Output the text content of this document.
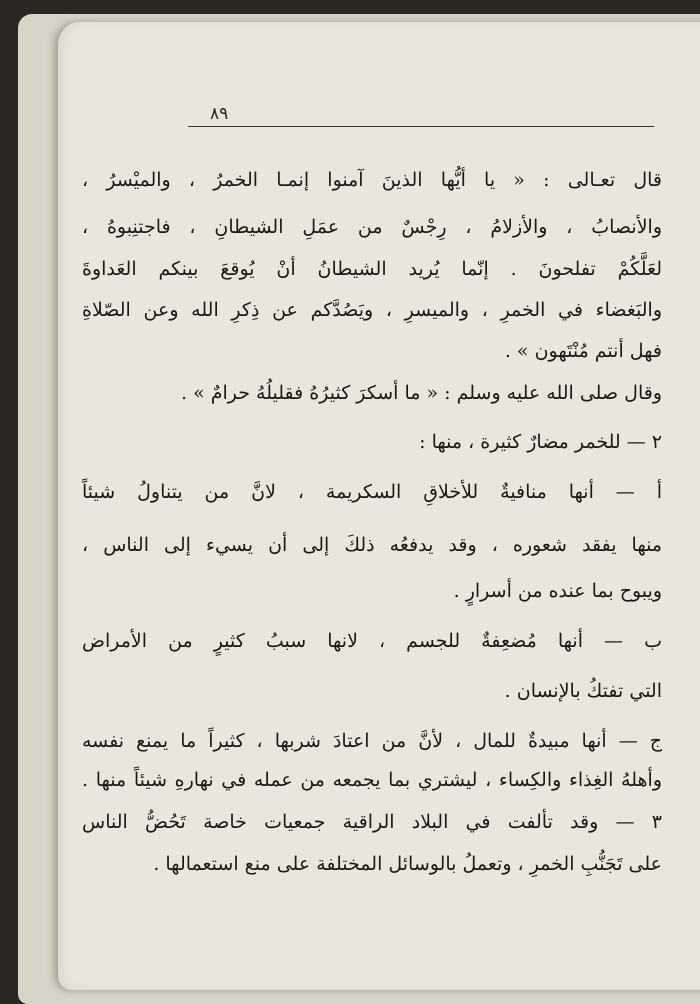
٨٩
قال تعـالى : « يا أيُّها الذينَ آمنوا إنمـا الخمرُ ، والميْسرُ ،
والأنصابُ ، والأزلامُ ، رِجْسٌ من عمَلِ الشيطانِ ، فاجتنِبوهُ ،
لعَلَّكُمْ تفلحونَ . إنّما يُريد الشيطانُ أنْ يُوقعَ بينكم العَداوةَ
والبَغضاء في الخمرِ ، والميسرِ ، ويَصُدَّكم عن ذِكرِ الله وعن الصّلاةِ
فهل أنتم مُنْتَهون » .
وقال صلى الله عليه وسلم : « ما أسكرَ كثيرُهُ فقليلُهُ حرامٌ » .
٢ — للخمر مضارٌ كثيرة ، منها :
أ — أنها منافيةٌ للأخلاقِ السكريمة ، لانَّ من يتناولُ شيئاً
منها يفقد شعوره ، وقد يدفعُه ذلكَ إلى أن يسيء إلى الناس ،
ويبوح بما عنده من أسرارٍ .
ب — أنها مُضعِفةٌ للجسم ، لانها سببُ كثيرٍ من الأمراض
التي تفتكُ بالإنسان .
ج — أنها مبيدةٌ للمال ، لأنَّ من اعتادَ شربها ، كثيراً ما يمنع نفسه
وأهلهُ الغِذاء والكِساء ، ليشتري بما يجمعه من عمله في نهارهِ شيئاً منها .
٣ — وقد تألفت في البلاد الراقية جمعيات خاصة تَحُضُّ الناس
على تَجَنُّبِ الخمرِ ، وتعملُ بالوسائل المختلفة على منع استعمالها .
